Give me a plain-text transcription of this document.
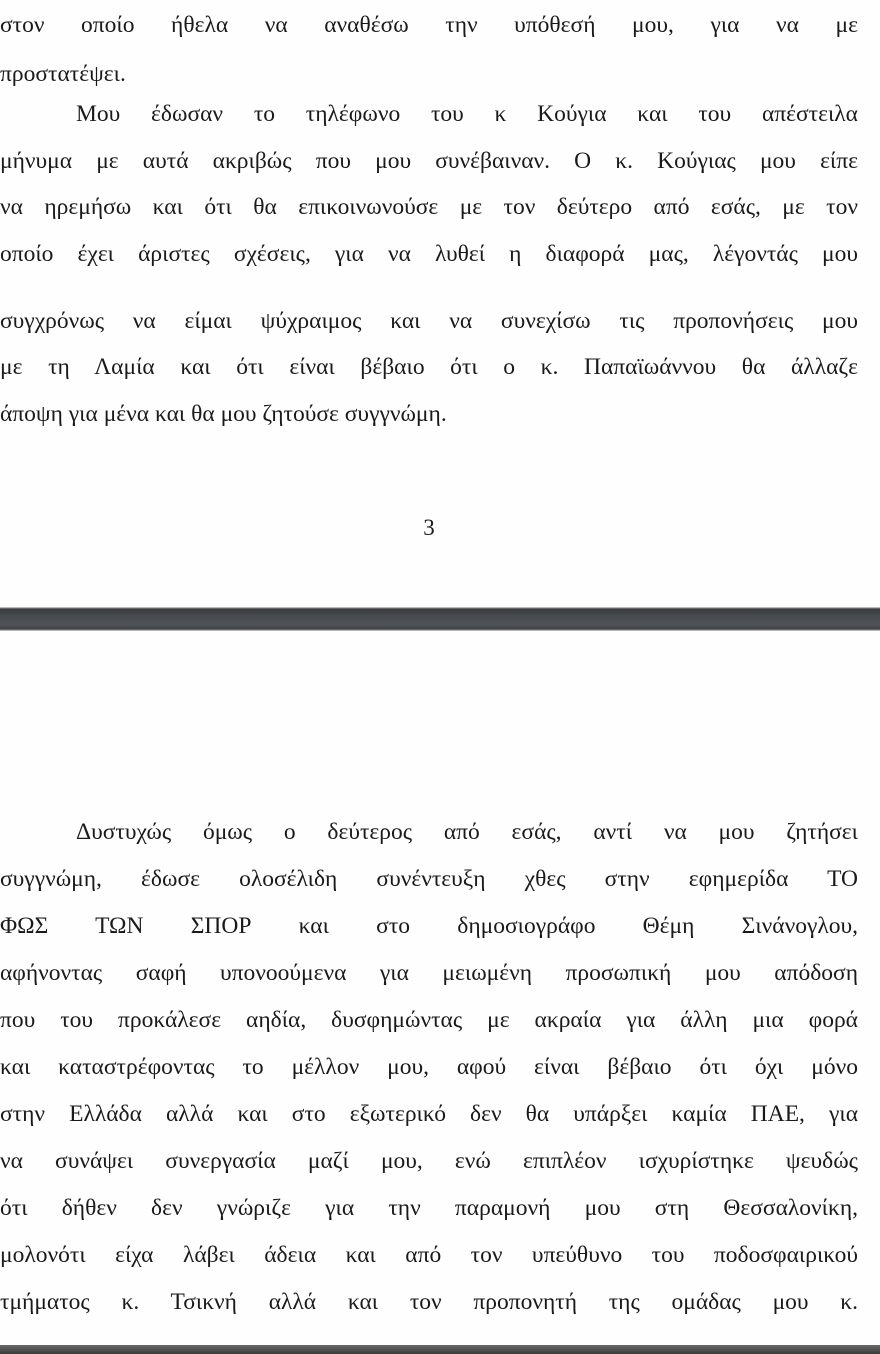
στον οποίο ήθελα να αναθέσω την υπόθεσή μου, για να με
προστατέψει.
Μου έδωσαν το τηλέφωνο του κ Κούγια και του απέστειλα
μήνυμα με αυτά ακριβώς που μου συνέβαιναν. Ο κ. Κούγιας μου είπε
να ηρεμήσω και ότι θα επικοινωνούσε με τον δεύτερο από εσάς, με τον
οποίο έχει άριστες σχέσεις, για να λυθεί η διαφορά μας, λέγοντάς μου
συγχρόνως να είμαι ψύχραιμος και να συνεχίσω τις προπονήσεις μου
με τη Λαμία και ότι είναι βέβαιο ότι ο κ. Παπαϊωάννου θα άλλαζε
άποψη για μένα και θα μου ζητούσε συγγνώμη.
3
Δυστυχώς όμως ο δεύτερος από εσάς, αντί να μου ζητήσει
συγγνώμη, έδωσε ολοσέλιδη συνέντευξη χθες στην εφημερίδα ΤΟ
ΦΩΣ ΤΩΝ ΣΠΟΡ και στο δημοσιογράφο Θέμη Σινάνογλου,
αφήνοντας σαφή υπονοούμενα για μειωμένη προσωπική μου απόδοση
που του προκάλεσε αηδία, δυσφημώντας με ακραία για άλλη μια φορά
και καταστρέφοντας το μέλλον μου, αφού είναι βέβαιο ότι όχι μόνο
στην Ελλάδα αλλά και στο εξωτερικό δεν θα υπάρξει καμία ΠΑΕ, για
να συνάψει συνεργασία μαζί μου, ενώ επιπλέον ισχυρίστηκε ψευδώς
ότι δήθεν δεν γνώριζε για την παραμονή μου στη Θεσσαλονίκη,
μολονότι είχα λάβει άδεια και από τον υπεύθυνο του ποδοσφαιρικού
τμήματος κ. Τσικνή αλλά και τον προπονητή της ομάδας μου κ.
